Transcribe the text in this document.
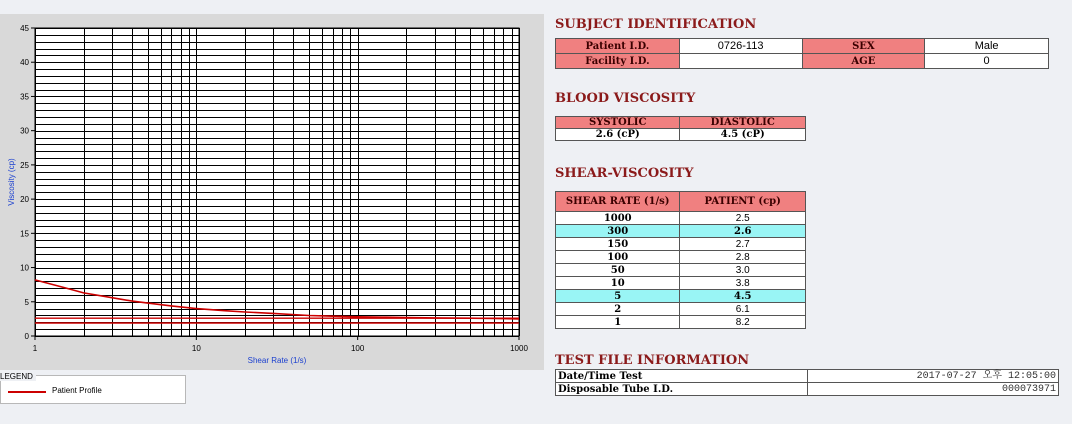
0
5
10
15
20
25
30
35
40
45
1	10	100	1000
Shear Rate (1/s)
Viscosity (cp)
LEGEND
Patient Profile
SUBJECT IDENTIFICATION
Patient I.D.	0726-113	SEX	Male
Facility I.D.		AGE	0
BLOOD VISCOSITY
SYSTOLIC	DIASTOLIC
2.6 (cP)	4.5 (cP)
SHEAR-VISCOSITY
SHEAR RATE (1/s)	PATIENT (cp)
1000	2.5
300	2.6
150	2.7
100	2.8
50	3.0
10	3.8
5	4.5
2	6.1
1	8.2
TEST FILE INFORMATION
Date/Time Test	2017-07-27 오후 12:05:00
Disposable Tube I.D.	000073971
